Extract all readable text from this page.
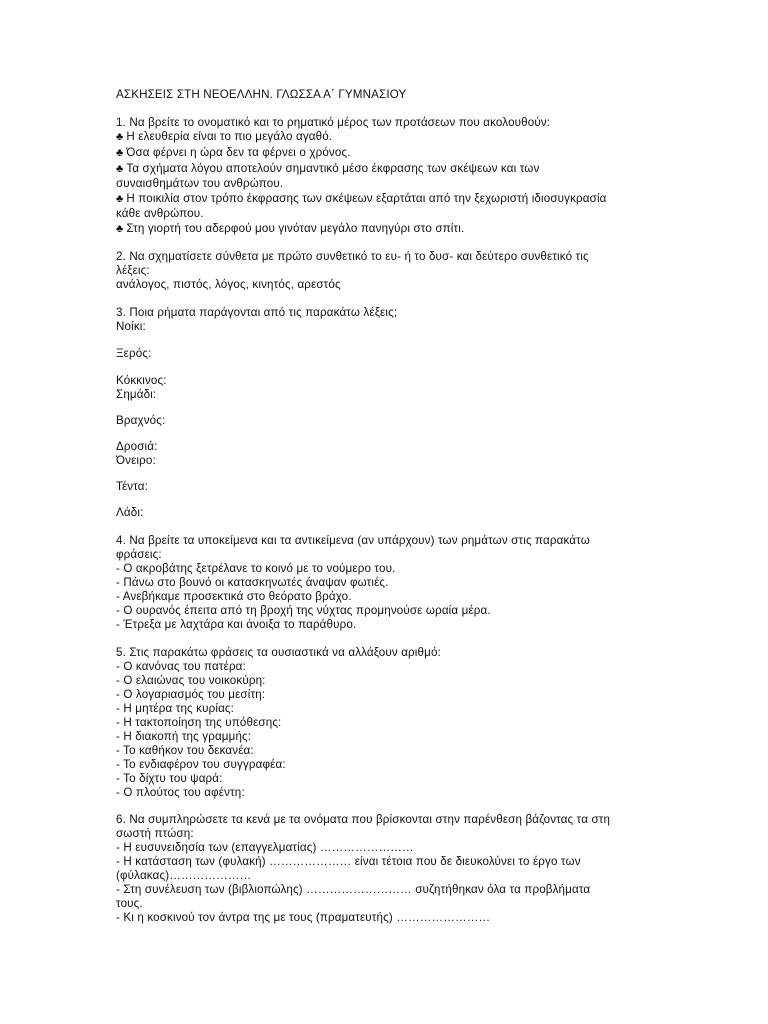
ΑΣΚΗΣΕΙΣ ΣΤΗ ΝΕΟΕΛΛΗΝ. ΓΛΩΣΣΑ Α΄ ΓΥΜΝΑΣΙΟΥ
1. Να βρείτε το ονοματικό και το ρηματικό μέρος των προτάσεων που ακολουθούν:
♣ Η ελευθερία είναι το πιο μεγάλο αγαθό.
♣ Όσα φέρνει η ώρα δεν τα φέρνει ο χρόνος.
♣ Τα σχήματα λόγου αποτελούν σημαντικό μέσο έκφρασης των σκέψεων και των
συναισθημάτων του ανθρώπου.
♣ Η ποικιλία στον τρόπο έκφρασης των σκέψεων εξαρτάται από την ξεχωριστή ιδιοσυγκρασία
κάθε ανθρώπου.
♣ Στη γιορτή του αδερφού μου γινόταν μεγάλο πανηγύρι στο σπίτι.
2. Να σχηματίσετε σύνθετα με πρώτο συνθετικό το ευ- ή το δυσ- και δεύτερο συνθετικό τις
λέξεις:
ανάλογος, πιστός, λόγος, κινητός, αρεστός
3. Ποια ρήματα παράγονται από τις παρακάτω λέξεις;
Νοίκι:
Ξερός:
Κόκκινος:
Σημάδι:
Βραχνός:
Δροσιά:
Όνειρο:
Τέντα:
Λάδι:
4. Να βρείτε τα υποκείμενα και τα αντικείμενα (αν υπάρχουν) των ρημάτων στις παρακάτω
φράσεις:
- Ο ακροβάτης ξετρέλανε το κοινό με το νούμερο του.
- Πάνω στο βουνό οι κατασκηνωτές άναψαν φωτιές.
- Ανεβήκαμε προσεκτικά στο θεόρατο βράχο.
- Ο ουρανός έπειτα από τη βροχή της νύχτας προμηνούσε ωραία μέρα.
- Έτρεξα με λαχτάρα και άνοιξα το παράθυρο.
5. Στις παρακάτω φράσεις τα ουσιαστικά να αλλάξουν αριθμό:
- Ο κανόνας του πατέρα:
- Ο ελαιώνας του νοικοκύρη:
- Ο λογαριασμός του μεσίτη:
- Η μητέρα της κυρίας:
- Η τακτοποίηση της υπόθεσης:
- Η διακοπή της γραμμής:
- Το καθήκον του δεκανέα:
- Το ενδιαφέρον του συγγραφέα:
- Το δίχτυ του ψαρά:
- Ο πλούτος του αφέντη:
6. Να συμπληρώσετε τα κενά με τα ονόματα που βρίσκονται στην παρένθεση βάζοντας τα στη
σωστή πτώση:
- Η ευσυνειδησία των (επαγγελματίας) ……………………
- Η κατάσταση των (φυλακή) ………………… είναι τέτοια που δε διευκολύνει το έργο των
(φύλακας)…………………
- Στη συνέλευση των (βιβλιοπώλης) ……………………… συζητήθηκαν όλα τα προβλήματα
τους.
- Κι η κοσκινού τον άντρα της με τους (πραματευτής) ……………………
